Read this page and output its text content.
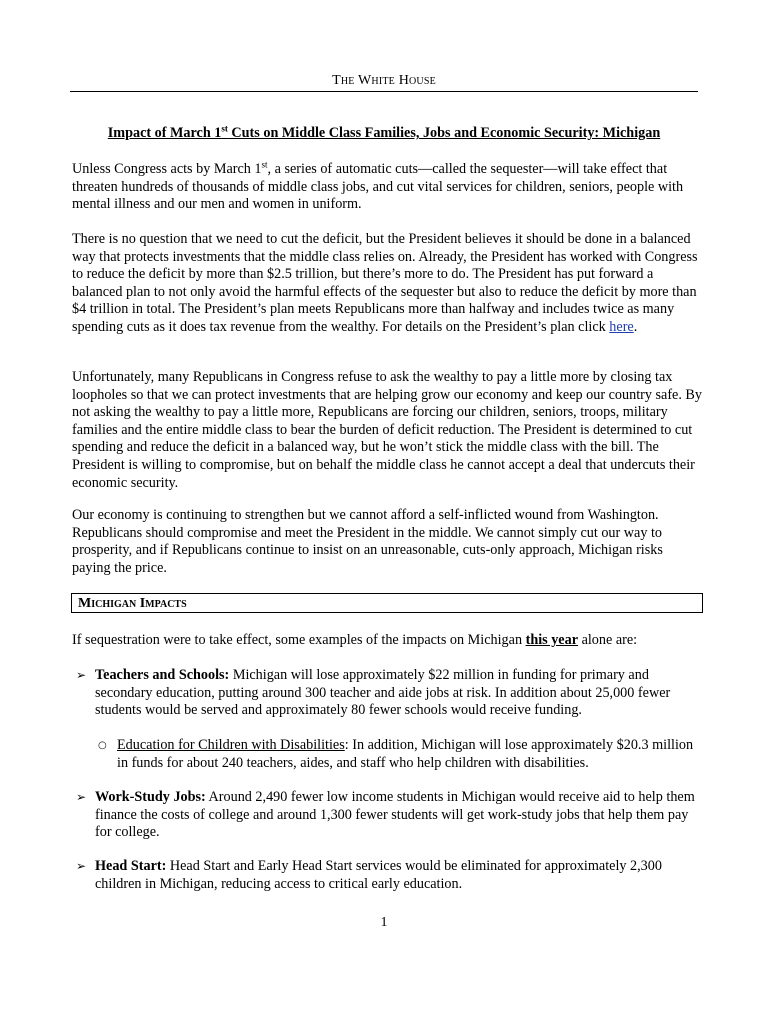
The White House
Impact of March 1st Cuts on Middle Class Families, Jobs and Economic Security: Michigan

Unless Congress acts by March 1st, a series of automatic cuts—called the sequester—will take effect that threaten hundreds of thousands of middle class jobs, and cut vital services for children, seniors, people with mental illness and our men and women in uniform.

There is no question that we need to cut the deficit, but the President believes it should be done in a balanced way that protects investments that the middle class relies on. Already, the President has worked with Congress to reduce the deficit by more than $2.5 trillion, but there’s more to do. The President has put forward a balanced plan to not only avoid the harmful effects of the sequester but also to reduce the deficit by more than $4 trillion in total. The President’s plan meets Republicans more than halfway and includes twice as many spending cuts as it does tax revenue from the wealthy. For details on the President’s plan click here.

Unfortunately, many Republicans in Congress refuse to ask the wealthy to pay a little more by closing tax loopholes so that we can protect investments that are helping grow our economy and keep our country safe. By not asking the wealthy to pay a little more, Republicans are forcing our children, seniors, troops, military families and the entire middle class to bear the burden of deficit reduction. The President is determined to cut spending and reduce the deficit in a balanced way, but he won’t stick the middle class with the bill. The President is willing to compromise, but on behalf the middle class he cannot accept a deal that undercuts their economic security.

Our economy is continuing to strengthen but we cannot afford a self-inflicted wound from Washington. Republicans should compromise and meet the President in the middle. We cannot simply cut our way to prosperity, and if Republicans continue to insist on an unreasonable, cuts-only approach, Michigan risks paying the price.

Michigan Impacts
If sequestration were to take effect, some examples of the impacts on Michigan this year alone are:
➢ Teachers and Schools: Michigan will lose approximately $22 million in funding for primary and secondary education, putting around 300 teacher and aide jobs at risk. In addition about 25,000 fewer students would be served and approximately 80 fewer schools would receive funding.
○ Education for Children with Disabilities: In addition, Michigan will lose approximately $20.3 million in funds for about 240 teachers, aides, and staff who help children with disabilities.
➢ Work-Study Jobs: Around 2,490 fewer low income students in Michigan would receive aid to help them finance the costs of college and around 1,300 fewer students will get work-study jobs that help them pay for college.
➢ Head Start: Head Start and Early Head Start services would be eliminated for approximately 2,300 children in Michigan, reducing access to critical early education.
1
